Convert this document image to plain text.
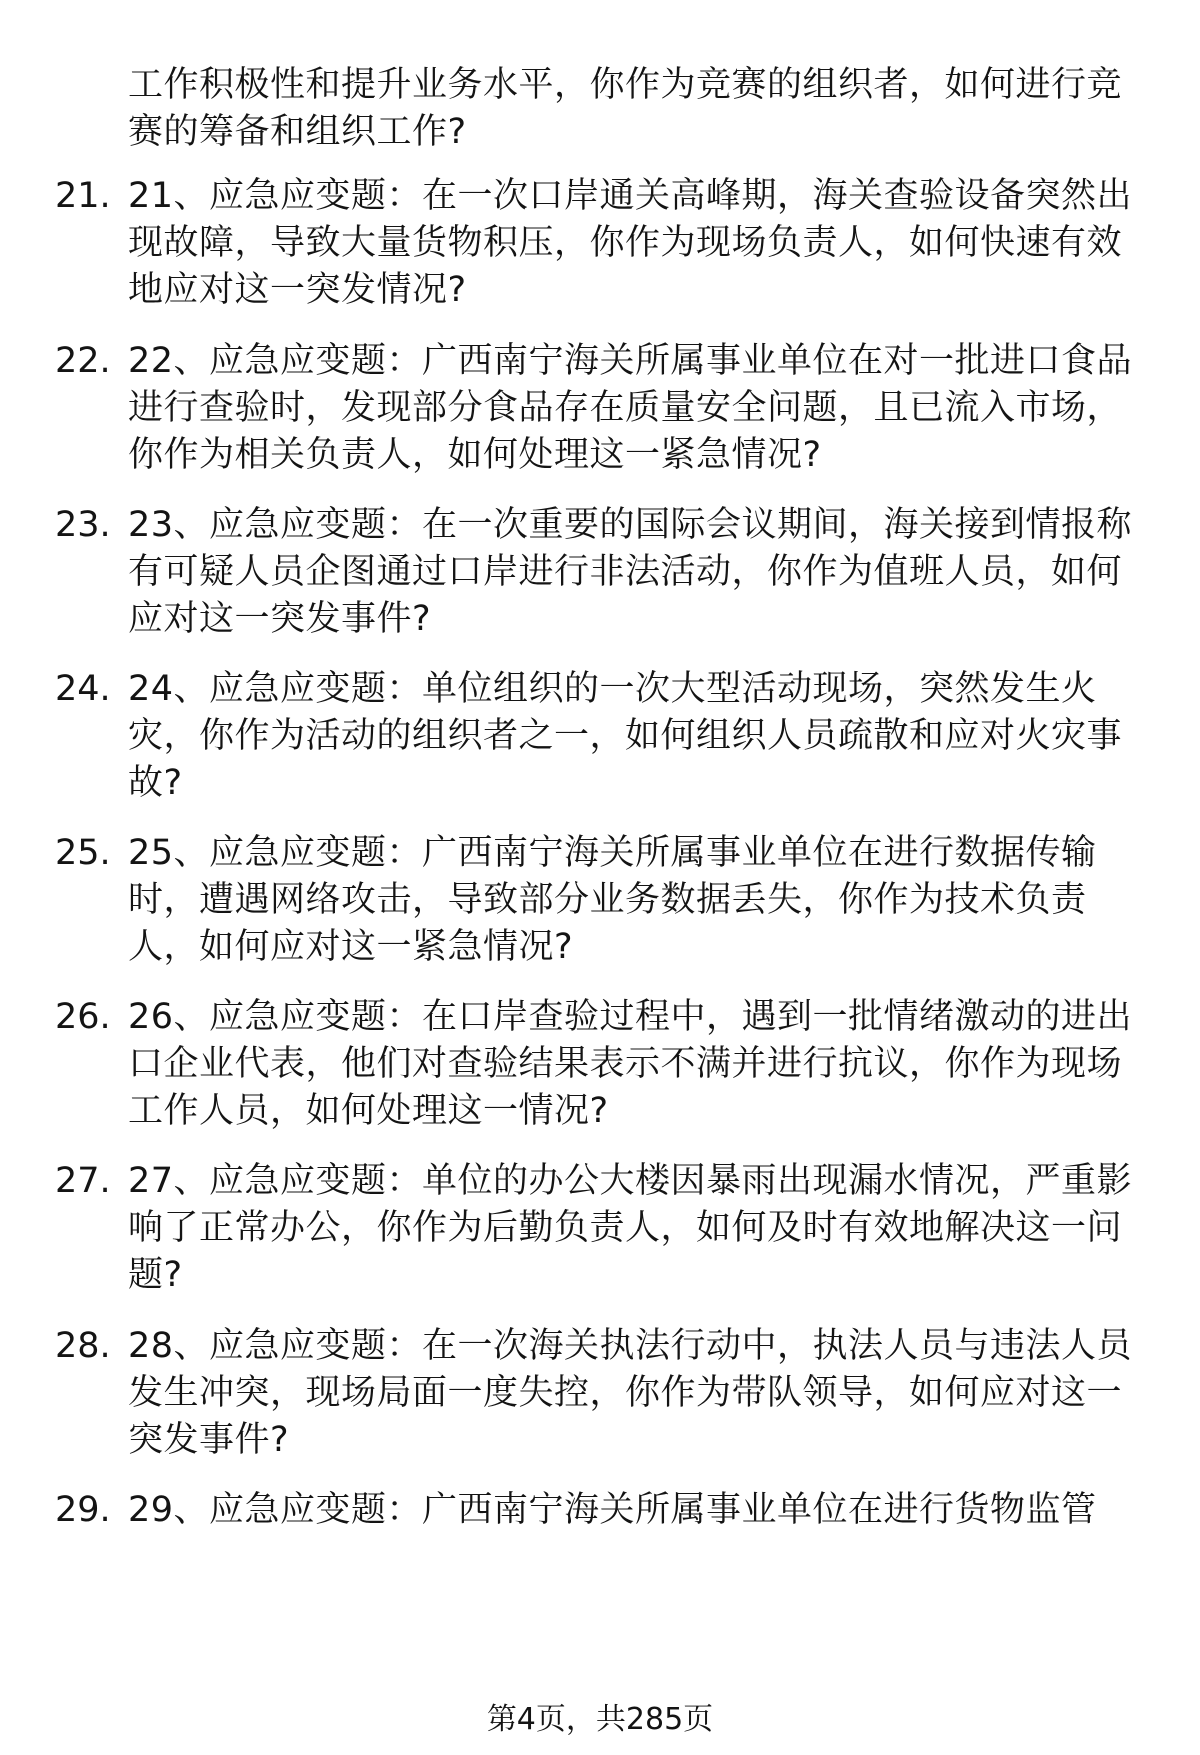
工作积极性和提升业务水平，你作为竞赛的组织者，如何进行竞赛的筹备和组织工作?
21. 21、应急应变题：在一次口岸通关高峰期，海关查验设备突然出现故障，导致大量货物积压，你作为现场负责人，如何快速有效地应对这一突发情况?
22. 22、应急应变题：广西南宁海关所属事业单位在对一批进口食品进行查验时，发现部分食品存在质量安全问题，且已流入市场，你作为相关负责人，如何处理这一紧急情况?
23. 23、应急应变题：在一次重要的国际会议期间，海关接到情报称有可疑人员企图通过口岸进行非法活动，你作为值班人员，如何应对这一突发事件?
24. 24、应急应变题：单位组织的一次大型活动现场，突然发生火灾，你作为活动的组织者之一，如何组织人员疏散和应对火灾事故?
25. 25、应急应变题：广西南宁海关所属事业单位在进行数据传输时，遭遇网络攻击，导致部分业务数据丢失，你作为技术负责人，如何应对这一紧急情况?
26. 26、应急应变题：在口岸查验过程中，遇到一批情绪激动的进出口企业代表，他们对查验结果表示不满并进行抗议，你作为现场工作人员，如何处理这一情况?
27. 27、应急应变题：单位的办公大楼因暴雨出现漏水情况，严重影响了正常办公，你作为后勤负责人，如何及时有效地解决这一问题?
28. 28、应急应变题：在一次海关执法行动中，执法人员与违法人员发生冲突，现场局面一度失控，你作为带队领导，如何应对这一突发事件?
29. 29、应急应变题：广西南宁海关所属事业单位在进行货物监管
第4页，共285页
